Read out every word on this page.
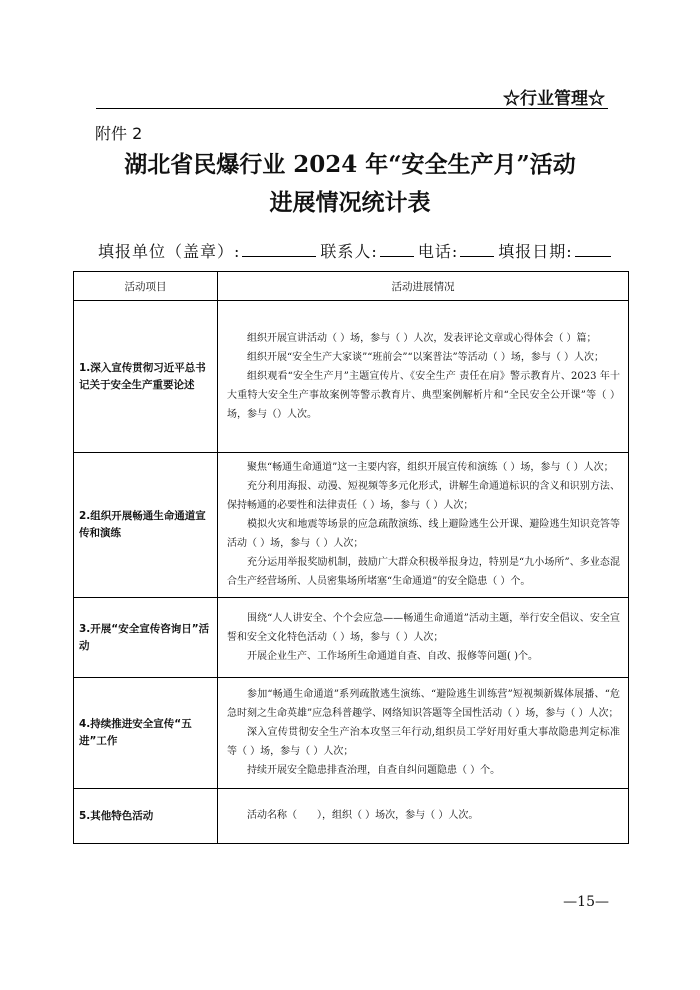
☆行业管理☆
附件 2
湖北省民爆行业 2024 年“安全生产月”活动
进展情况统计表
填报单位（盖章）:	联系人:	电话:	填报日期:
活动项目	活动进展情况
1.深入宣传贯彻习近平总书记关于安全生产重要论述	组织开展宣讲活动（ ）场，参与（ ）人次，发表评论文章或心得体会（ ）篇；

组织开展“安全生产大家谈”“班前会”“以案普法”等活动（ ）场，参与（ ）人次；

组织观看“安全生产月”主题宣传片、《安全生产 责任在肩》警示教育片、2023 年十大重特大安全生产事故案例等警示教育片、典型案例解析片和“全民安全公开课”等（ ）场，参与（）人次。

2.组织开展畅通生命通道宣传和演练	聚焦“畅通生命通道”这一主要内容，组织开展宣传和演练（ ）场，参与（ ）人次；

充分利用海报、动漫、短视频等多元化形式，讲解生命通道标识的含义和识别方法、保持畅通的必要性和法律责任（ ）场，参与（ ）人次；

模拟火灾和地震等场景的应急疏散演练、线上避险逃生公开课、避险逃生知识竞答等活动（ ）场，参与（ ）人次；

充分运用举报奖励机制，鼓励广大群众积极举报身边，特别是“九小场所”、多业态混合生产经营场所、人员密集场所堵塞“生命通道”的安全隐患（ ）个。

3.开展“安全宣传咨询日”活动	围绕“人人讲安全、个个会应急——畅通生命通道”活动主题，举行安全倡议、安全宣誓和安全文化特色活动（ ）场，参与（ ）人次；

开展企业生产、工作场所生命通道自查、自改、报修等问题( )个。

4.持续推进安全宣传“五进”工作	参加“畅通生命通道”系列疏散逃生演练、“避险逃生训练营”短视频新媒体展播、“危急时刻之生命英雄”应急科普趣学、网络知识答题等全国性活动（ ）场，参与（ ）人次；

深入宣传贯彻安全生产治本攻坚三年行动,组织员工学好用好重大事故隐患判定标准等（ ）场，参与（ ）人次；

持续开展安全隐患排查治理，自查自纠问题隐患（ ）个。

5.其他特色活动	活动名称（　　），组织（ ）场次，参与（ ）人次。

—15—
